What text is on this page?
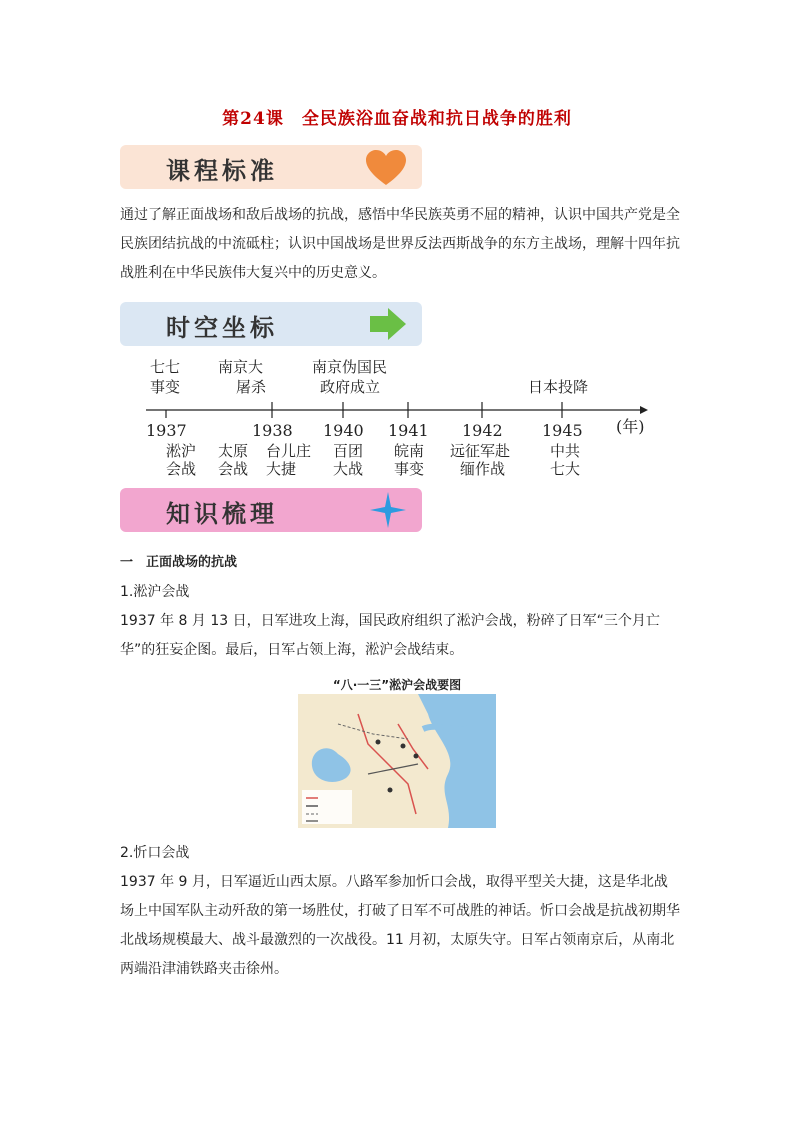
第24课　全民族浴血奋战和抗日战争的胜利
课程标准
通过了解正面战场和敌后战场的抗战，感悟中华民族英勇不屈的精神，认识中国共产党是全民族团结抗战的中流砥柱；认识中国战场是世界反法西斯战争的东方主战场，理解十四年抗战胜利在中华民族伟大复兴中的历史意义。
时空坐标
七七
事变
南京大
屠杀
南京伪国民
政府成立	日本投降
1937	1938 1940 1941 1942 1945 (年)
淞沪
会战
太原
会战
台儿庄
大捷
百团
大战
皖南
事变
远征军赴
缅作战
中共
七大
知识梳理
一　正面战场的抗战
1.淞沪会战
1937 年 8 月 13 日，日军进攻上海，国民政府组织了淞沪会战，粉碎了日军“三个月亡华”的狂妄企图。最后，日军占领上海，淞沪会战结束。
“八·一三”淞沪会战要图
2.忻口会战
1937 年 9 月，日军逼近山西太原。八路军参加忻口会战，取得平型关大捷，这是华北战场上中国军队主动歼敌的第一场胜仗，打破了日军不可战胜的神话。忻口会战是抗战初期华北战场规模最大、战斗最激烈的一次战役。11 月初，太原失守。日军占领南京后，从南北两端沿津浦铁路夹击徐州。
